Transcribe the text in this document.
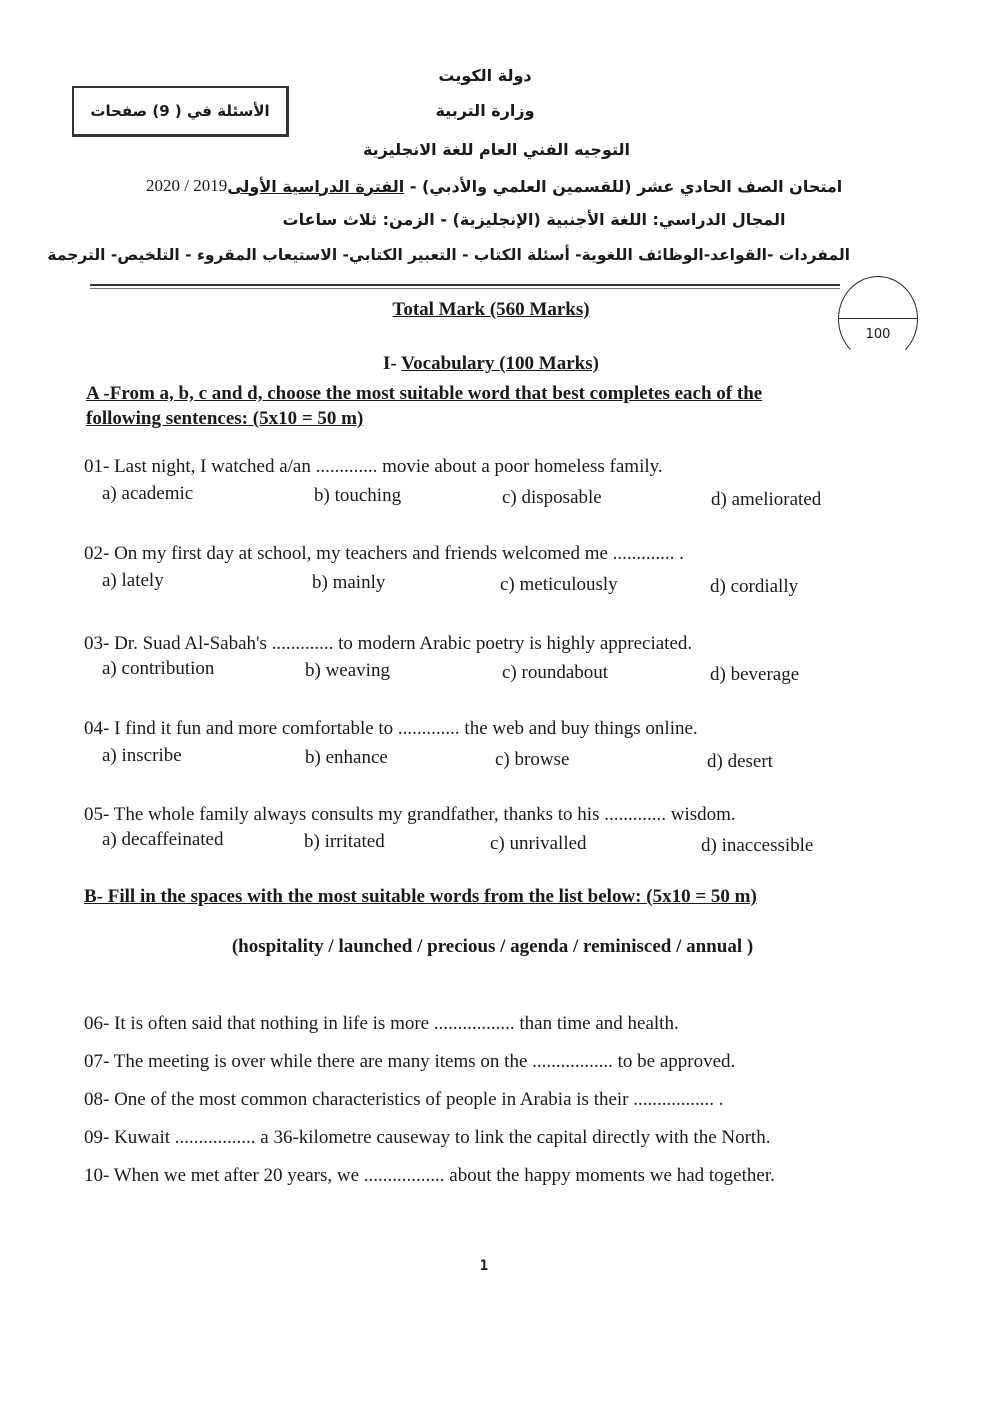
الأسئلة في ( 9) صفحات
دولة الكويت
وزارة التربية
التوجيه الفني العام للغة الانجليزية
2020 / 2019	امتحان الصف الحادي عشر (للقسمين العلمي والأدبي) - الفترة الدراسية الأولى
المجال الدراسي: اللغة الأجنبية (الإنجليزية) - الزمن: ثلاث ساعات
المفردات -القواعد-الوظائف اللغوية- أسئلة الكتاب - التعبير الكتابي- الاستيعاب المقروء - التلخيص- الترجمة
100
Total Mark (560 Marks)
I- Vocabulary (100 Marks)
A -From a, b, c and d, choose the most suitable word that best completes each of the
following sentences: (5x10 = 50 m)
01- Last night, I watched a/an ............. movie about a poor homeless family.
a) academic	b) touching	c) disposable	d) ameliorated
02- On my first day at school, my teachers and friends welcomed me ............. .
a) lately	b) mainly	c) meticulously	d) cordially
03- Dr. Suad Al-Sabah's ............. to modern Arabic poetry is highly appreciated.
a) contribution	b) weaving	c) roundabout	d) beverage
04- I find it fun and more comfortable to ............. the web and buy things online.
a) inscribe	b) enhance	c) browse	d) desert
05- The whole family always consults my grandfather, thanks to his ............. wisdom.
a) decaffeinated	b) irritated	c) unrivalled	d) inaccessible
B- Fill in the spaces with the most suitable words from the list below: (5x10 = 50 m)
(hospitality / launched / precious / agenda / reminisced / annual )
06- It is often said that nothing in life is more ................. than time and health.
07- The meeting is over while there are many items on the ................. to be approved.
08- One of the most common characteristics of people in Arabia is their ................. .
09- Kuwait ................. a 36-kilometre causeway to link the capital directly with the North.
10- When we met after 20 years, we ................. about the happy moments we had together.
1
